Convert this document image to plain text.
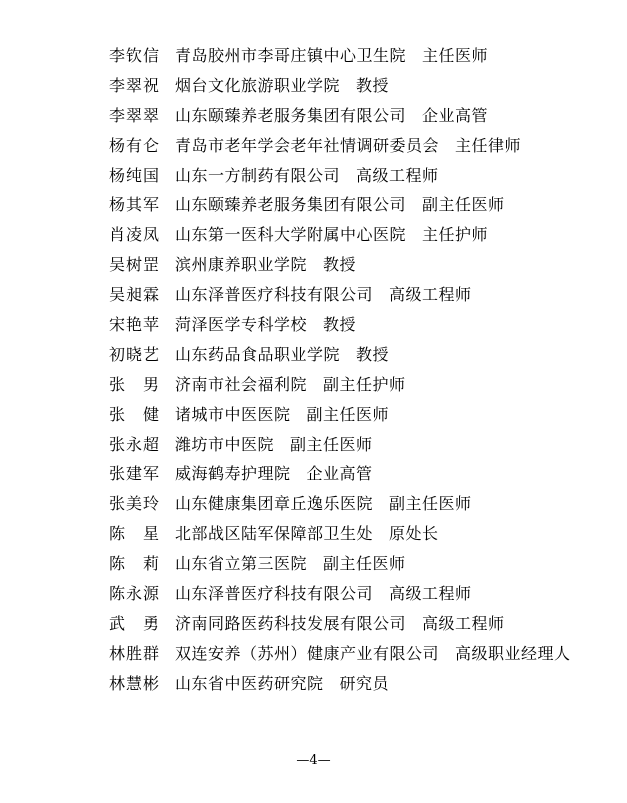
李钦信 青岛胶州市李哥庄镇中心卫生院 主任医师
李翠祝 烟台文化旅游职业学院 教授
李翠翠 山东颐臻养老服务集团有限公司 企业高管
杨有仑 青岛市老年学会老年社情调研委员会 主任律师
杨纯国 山东一方制药有限公司 高级工程师
杨其军 山东颐臻养老服务集团有限公司 副主任医师
肖凌凤 山东第一医科大学附属中心医院 主任护师
吴树罡 滨州康养职业学院 教授
吴昶霖 山东泽普医疗科技有限公司 高级工程师
宋艳苹 菏泽医学专科学校 教授
初晓艺 山东药品食品职业学院 教授
张　男 济南市社会福利院 副主任护师
张　健 诸城市中医医院 副主任医师
张永超 潍坊市中医院 副主任医师
张建军 威海鹤寿护理院 企业高管
张美玲 山东健康集团章丘逸乐医院 副主任医师
陈　星 北部战区陆军保障部卫生处 原处长
陈　莉 山东省立第三医院 副主任医师
陈永源 山东泽普医疗科技有限公司 高级工程师
武　勇 济南同路医药科技发展有限公司 高级工程师
林胜群 双连安养（苏州）健康产业有限公司 高级职业经理人
林慧彬 山东省中医药研究院 研究员
—4—
